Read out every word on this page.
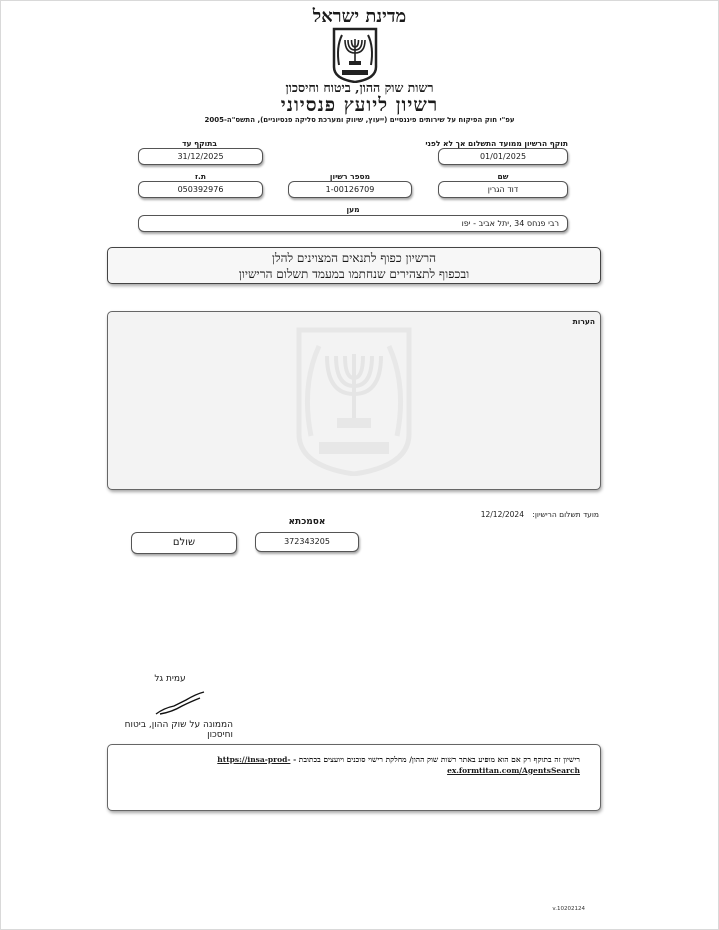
מדינת ישראל
רשות שוק ההון, ביטוח וחיסכון
רשיון ליועץ פנסיוני
עפ"י חוק הפיקוח על שירותים פיננסיים (ייעוץ, שיווק ומערכת סליקה פנסיוניים), התשס"ה-2005
תוקף הרשיון ממועד התשלום אך לא לפני
01/01/2025
בתוקף עד
31/12/2025
שם
דוד הגרין
מספר רשיון
1-00126709
ת.ז
050392976
מען
רבי פנחס 34 ,יתל אביב - יפו
הרשיון כפוף לתנאים המצוינים להלן
ובכפוף לתצהירים שנחתמו במעמד תשלום הרישיון
הערות
מועד תשלום הרישיון: 12/12/2024
אסמכתא
372343205
שולם
עמית גל
הממונה על שוק ההון, ביטוח וחיסכון
רישיון זה בתוקף רק אם הוא מופיע באתר רשות שוק ההון/ מחלקת רישוי סוכנים ויועצים בכתובת - https://insa-prod-
ex.formtitan.com/AgentsSearch
v.10202124
